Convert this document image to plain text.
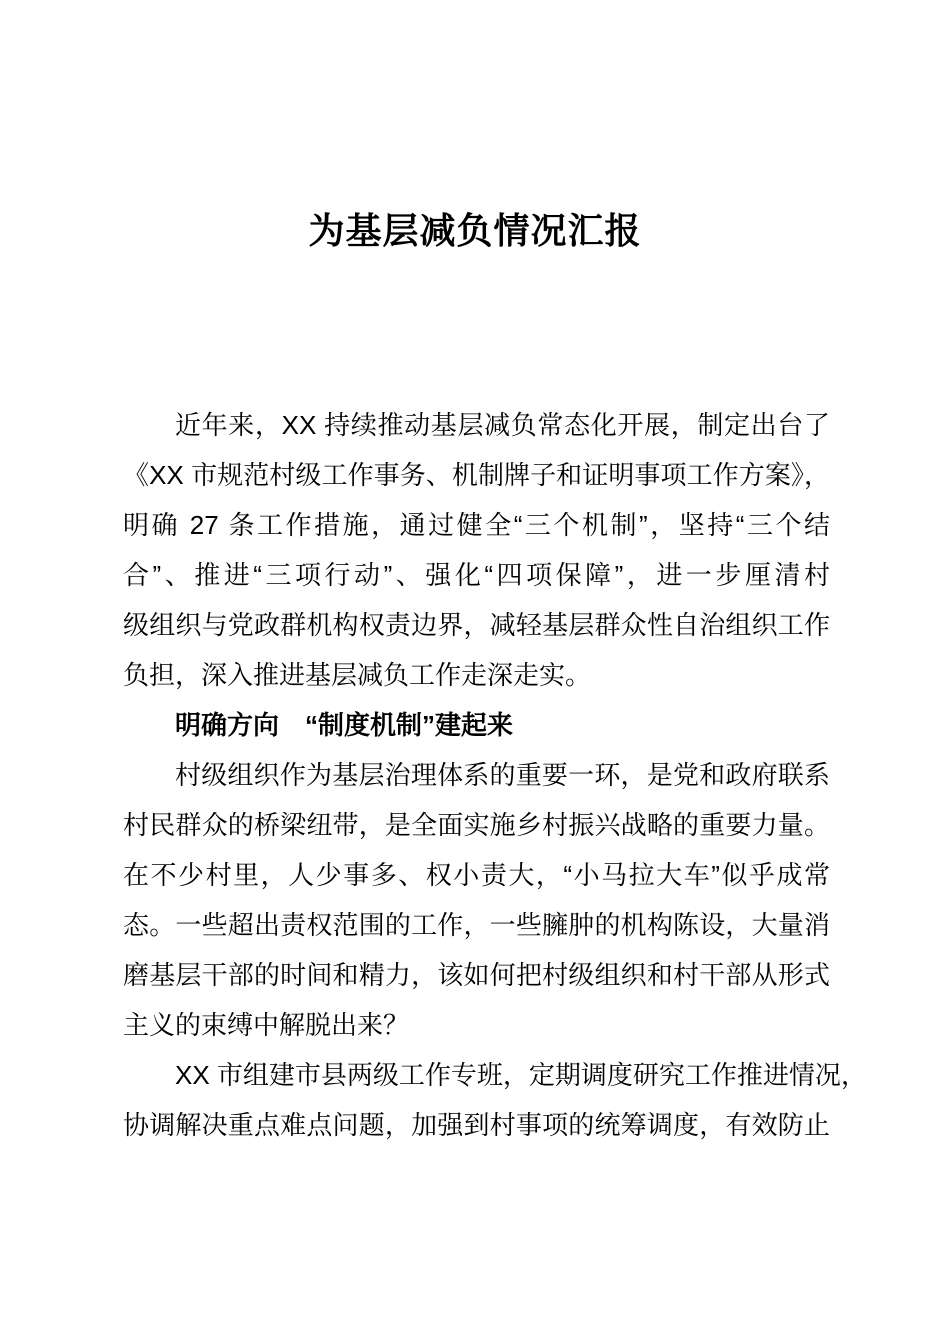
为基层减负情况汇报
近年来，XX 持续推动基层减负常态化开展，制定出台了
《XX 市规范村级工作事务、机制牌子和证明事项工作方案》，
明确 27 条工作措施，通过健全“三个机制”，坚持“三个结
合”、推进“三项行动”、强化“四项保障”，进一步厘清村
级组织与党政群机构权责边界，减轻基层群众性自治组织工作
负担，深入推进基层减负工作走深走实。
明确方向　“制度机制”建起来
村级组织作为基层治理体系的重要一环，是党和政府联系
村民群众的桥梁纽带，是全面实施乡村振兴战略的重要力量。
在不少村里，人少事多、权小责大，“小马拉大车”似乎成常
态。一些超出责权范围的工作，一些臃肿的机构陈设，大量消
磨基层干部的时间和精力，该如何把村级组织和村干部从形式
主义的束缚中解脱出来？
XX 市组建市县两级工作专班，定期调度研究工作推进情况，
协调解决重点难点问题，加强到村事项的统筹调度，有效防止
